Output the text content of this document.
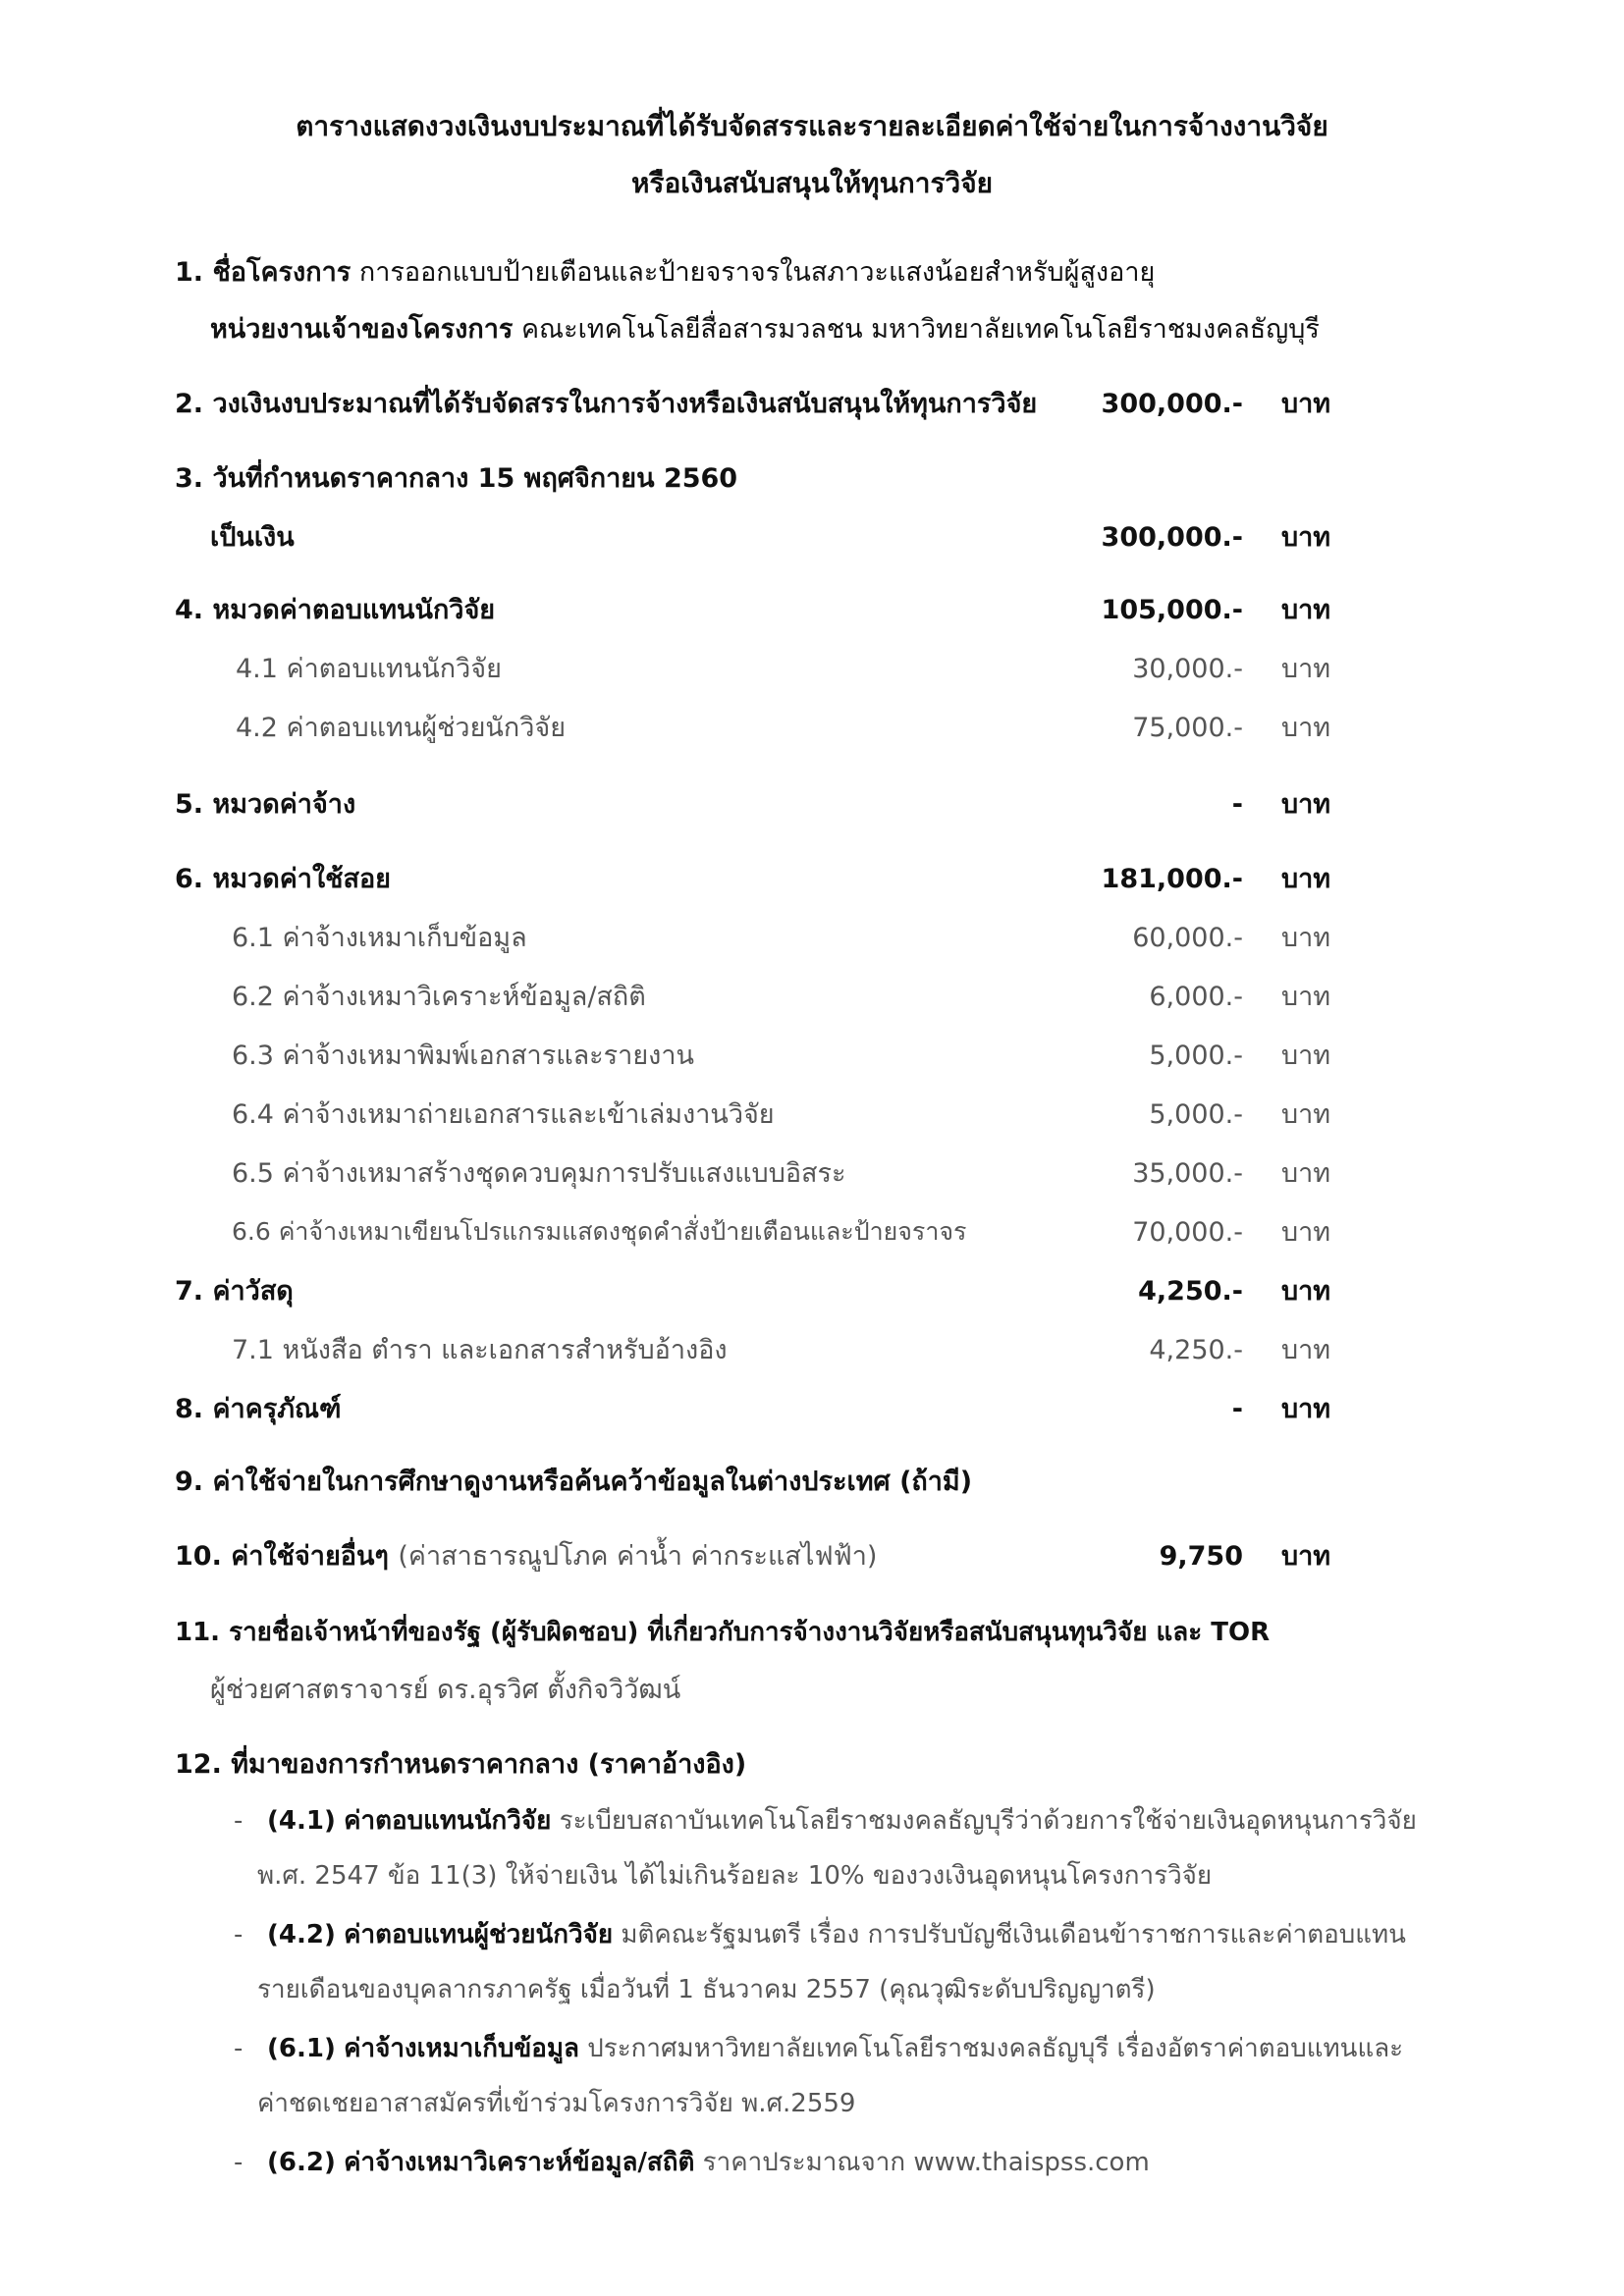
ตารางแสดงวงเงินงบประมาณที่ได้รับจัดสรรและรายละเอียดค่าใช้จ่ายในการจ้างงานวิจัย
หรือเงินสนับสนุนให้ทุนการวิจัย
1. ชื่อโครงการ การออกแบบป้ายเตือนและป้ายจราจรในสภาวะแสงน้อยสำหรับผู้สูงอายุ
หน่วยงานเจ้าของโครงการ คณะเทคโนโลยีสื่อสารมวลชน มหาวิทยาลัยเทคโนโลยีราชมงคลธัญบุรี
2. วงเงินงบประมาณที่ได้รับจัดสรรในการจ้างหรือเงินสนับสนุนให้ทุนการวิจัย 300,000.- บาท
3. วันที่กำหนดราคากลาง 15 พฤศจิกายน 2560
เป็นเงิน	300,000.- บาท
4. หมวดค่าตอบแทนนักวิจัย	105,000.- บาท
4.1 ค่าตอบแทนนักวิจัย	30,000.- บาท
4.2 ค่าตอบแทนผู้ช่วยนักวิจัย	75,000.- บาท
5. หมวดค่าจ้าง	- บาท
6. หมวดค่าใช้สอย	181,000.- บาท
6.1 ค่าจ้างเหมาเก็บข้อมูล	60,000.- บาท
6.2 ค่าจ้างเหมาวิเคราะห์ข้อมูล/สถิติ	6,000.- บาท
6.3 ค่าจ้างเหมาพิมพ์เอกสารและรายงาน	5,000.- บาท
6.4 ค่าจ้างเหมาถ่ายเอกสารและเข้าเล่มงานวิจัย	5,000.- บาท
6.5 ค่าจ้างเหมาสร้างชุดควบคุมการปรับแสงแบบอิสระ	35,000.- บาท
6.6 ค่าจ้างเหมาเขียนโปรแกรมแสดงชุดคำสั่งป้ายเตือนและป้ายจราจร	70,000.- บาท
7. ค่าวัสดุ	4,250.- บาท
7.1 หนังสือ ตำรา และเอกสารสำหรับอ้างอิง	4,250.- บาท
8. ค่าครุภัณฑ์	- บาท
9. ค่าใช้จ่ายในการศึกษาดูงานหรือค้นคว้าข้อมูลในต่างประเทศ (ถ้ามี)
10. ค่าใช้จ่ายอื่นๆ (ค่าสาธารณูปโภค ค่าน้ำ ค่ากระแสไฟฟ้า)	9,750 บาท
11. รายชื่อเจ้าหน้าที่ของรัฐ (ผู้รับผิดชอบ) ที่เกี่ยวกับการจ้างงานวิจัยหรือสนับสนุนทุนวิจัย และ TOR
ผู้ช่วยศาสตราจารย์ ดร.อุรวิศ ตั้งกิจวิวัฒน์
12. ที่มาของการกำหนดราคากลาง (ราคาอ้างอิง)
- (4.1) ค่าตอบแทนนักวิจัย ระเบียบสถาบันเทคโนโลยีราชมงคลธัญบุรีว่าด้วยการใช้จ่ายเงินอุดหนุนการวิจัย
พ.ศ. 2547 ข้อ 11(3) ให้จ่ายเงิน ได้ไม่เกินร้อยละ 10% ของวงเงินอุดหนุนโครงการวิจัย
- (4.2) ค่าตอบแทนผู้ช่วยนักวิจัย มติคณะรัฐมนตรี เรื่อง การปรับบัญชีเงินเดือนข้าราชการและค่าตอบแทน
รายเดือนของบุคลากรภาครัฐ เมื่อวันที่ 1 ธันวาคม 2557 (คุณวุฒิระดับปริญญาตรี)
- (6.1) ค่าจ้างเหมาเก็บข้อมูล ประกาศมหาวิทยาลัยเทคโนโลยีราชมงคลธัญบุรี เรื่องอัตราค่าตอบแทนและ
ค่าชดเชยอาสาสมัครที่เข้าร่วมโครงการวิจัย พ.ศ.2559
- (6.2) ค่าจ้างเหมาวิเคราะห์ข้อมูล/สถิติ ราคาประมาณจาก www.thaispss.com
